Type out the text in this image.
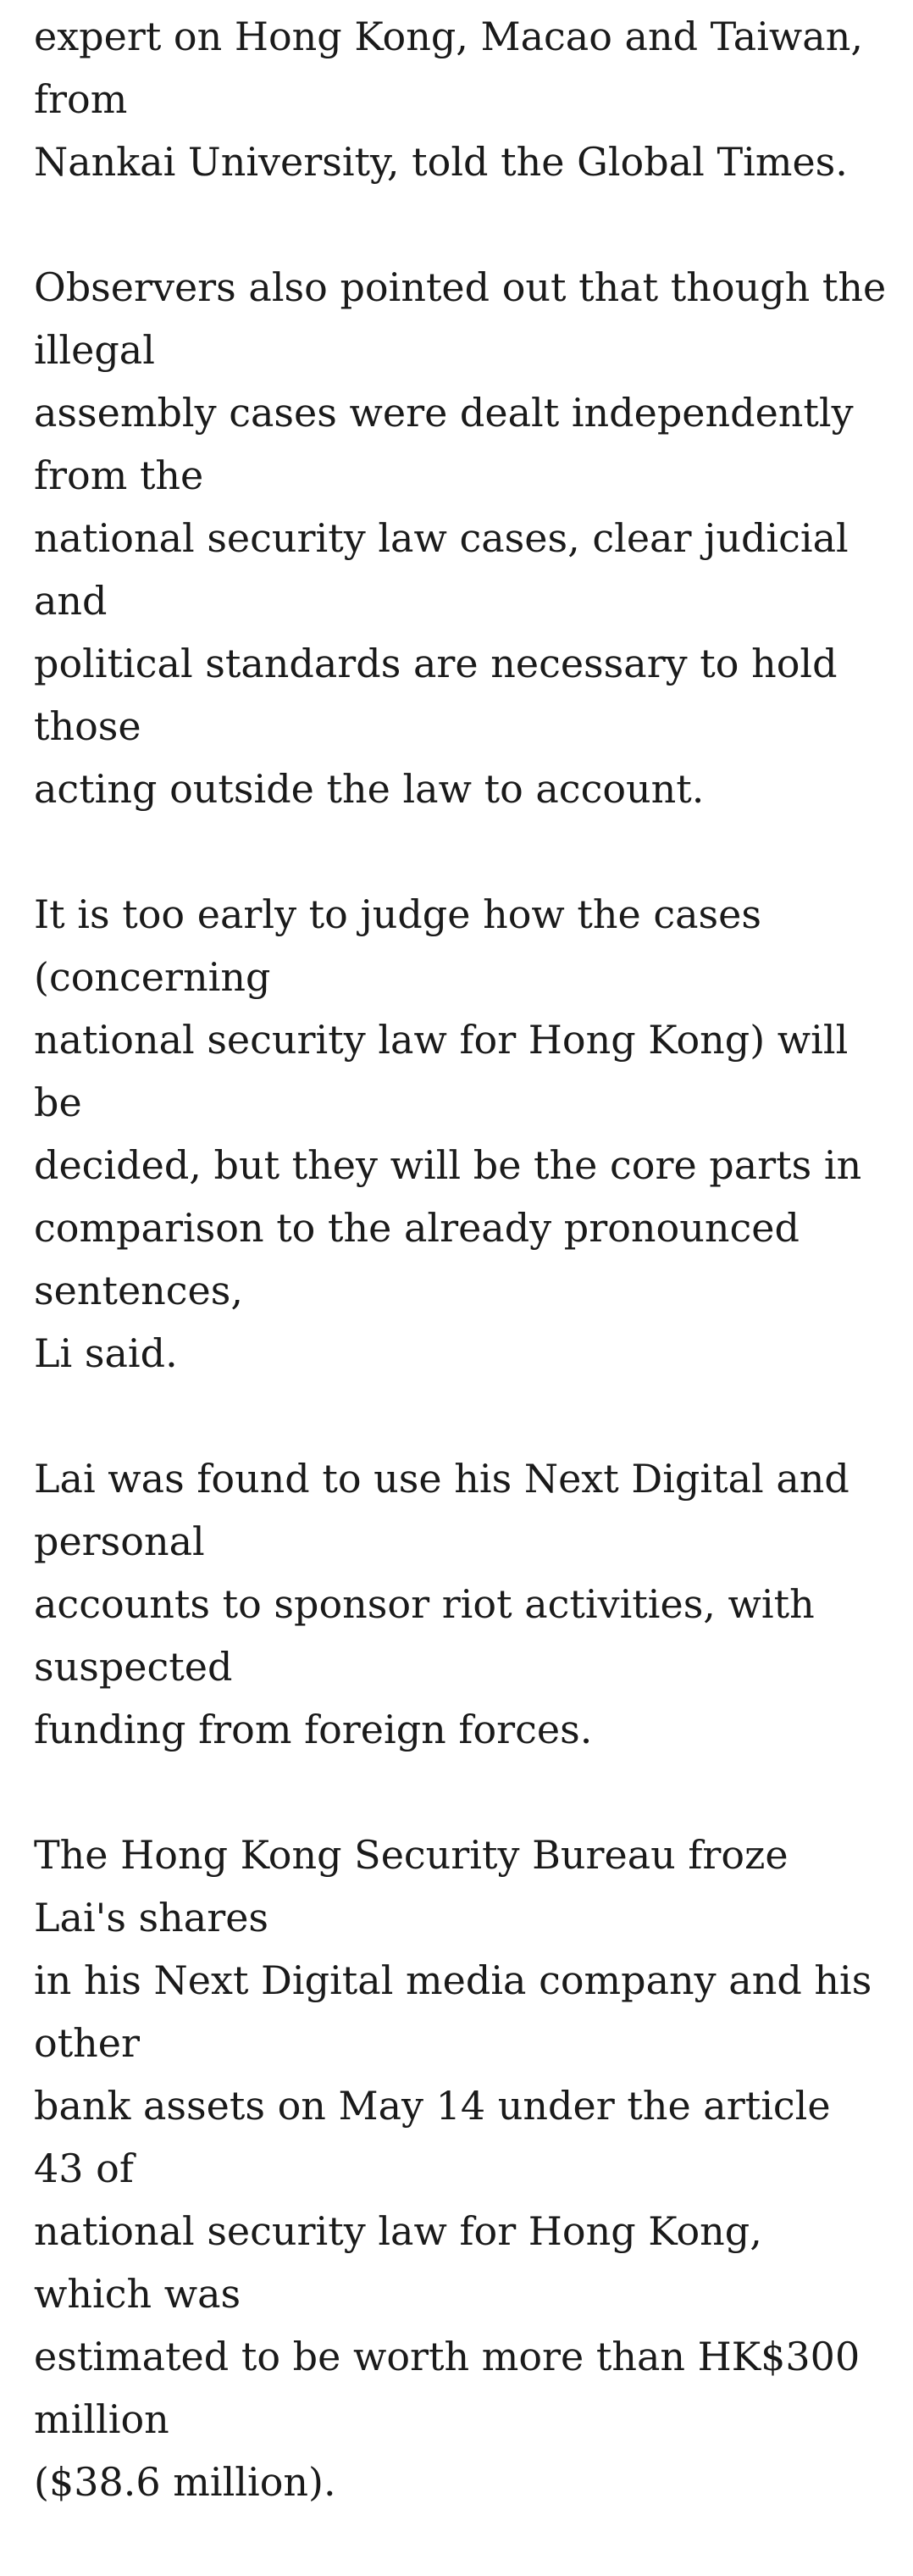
expert on Hong Kong, Macao and Taiwan, from
Nankai University, told the Global Times.

Observers also pointed out that though the illegal
assembly cases were dealt independently from the
national security law cases, clear judicial and
political standards are necessary to hold those
acting outside the law to account.

It is too early to judge how the cases (concerning
national security law for Hong Kong) will be
decided, but they will be the core parts in
comparison to the already pronounced sentences,
Li said.

Lai was found to use his Next Digital and personal
accounts to sponsor riot activities, with suspected
funding from foreign forces.

The Hong Kong Security Bureau froze Lai's shares
in his Next Digital media company and his other
bank assets on May 14 under the article 43 of
national security law for Hong Kong, which was
estimated to be worth more than HK$300 million
($38.6 million).
